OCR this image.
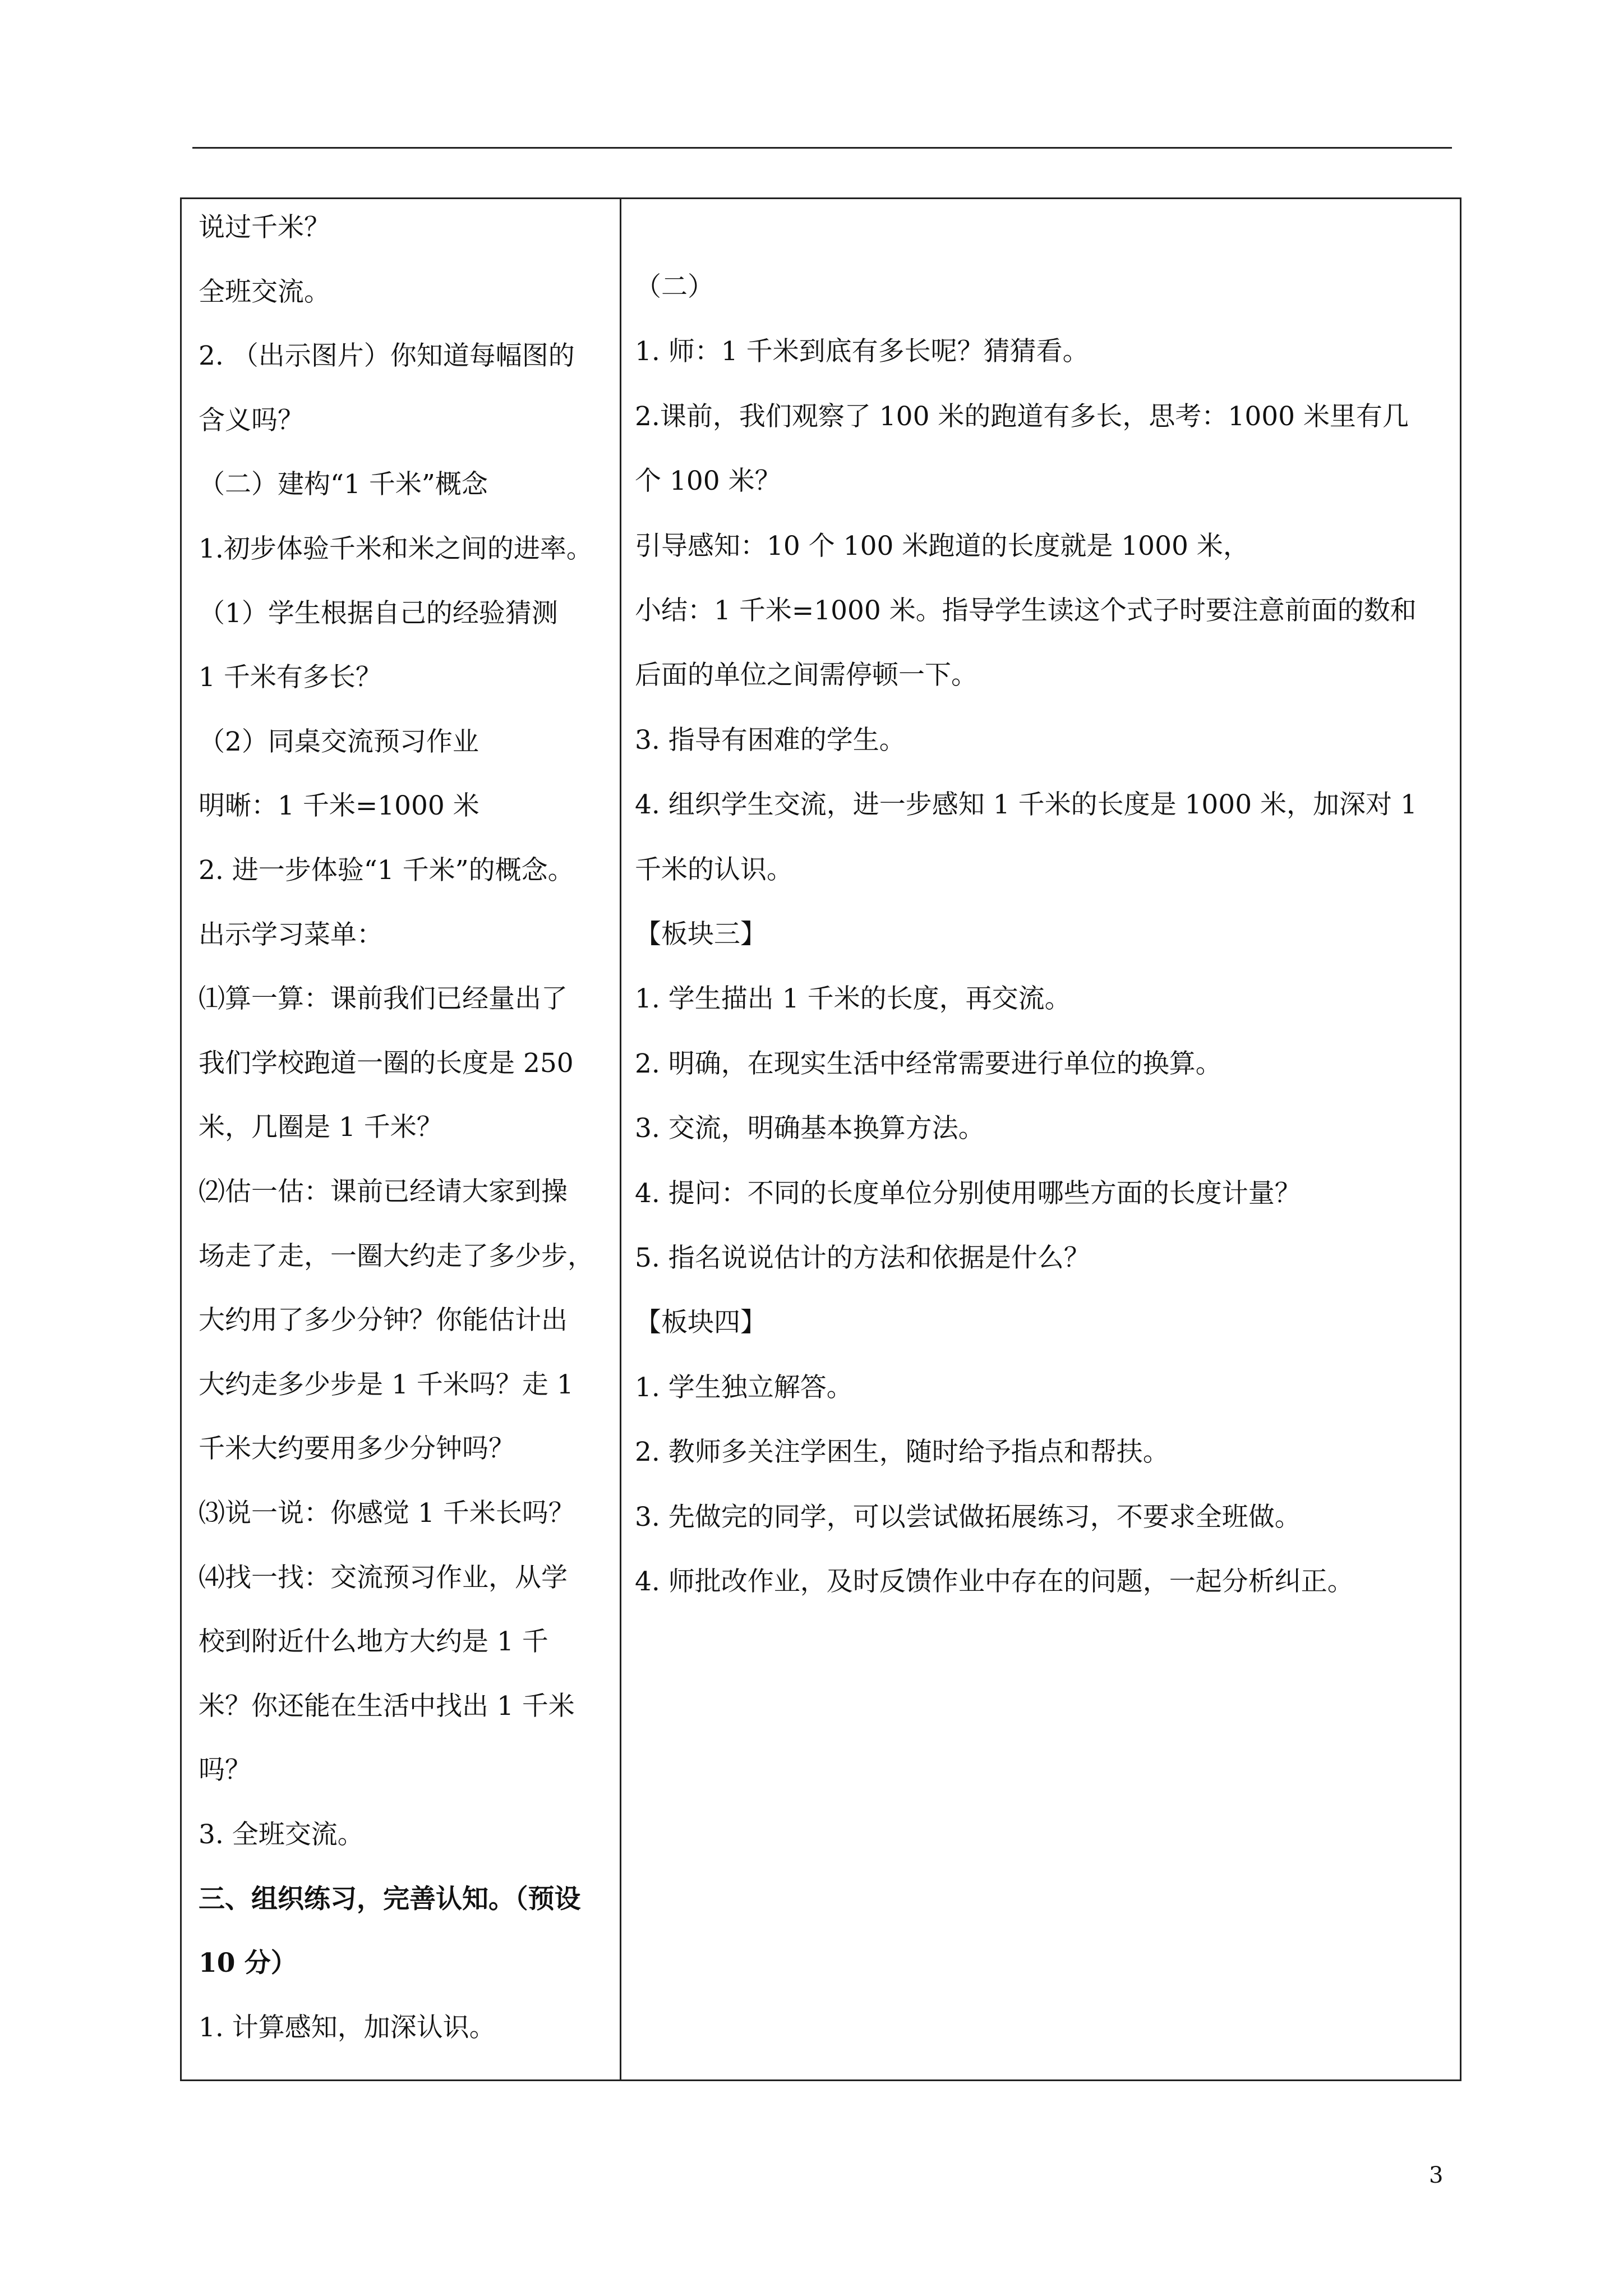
说过千米？
全班交流。
2. （出示图片）你知道每幅图的
含义吗？
（二）建构“1 千米”概念
1.初步体验千米和米之间的进率。
（1）学生根据自己的经验猜测
1 千米有多长？
（2）同桌交流预习作业
明晰：1 千米=1000 米
2. 进一步体验“1 千米”的概念。
出示学习菜单：
⑴算一算：课前我们已经量出了
我们学校跑道一圈的长度是 250
米，几圈是 1 千米？
⑵估一估：课前已经请大家到操
场走了走，一圈大约走了多少步，
大约用了多少分钟？你能估计出
大约走多少步是 1 千米吗？走 1
千米大约要用多少分钟吗？
⑶说一说：你感觉 1 千米长吗？
⑷找一找：交流预习作业，从学
校到附近什么地方大约是 1 千
米？你还能在生活中找出 1 千米
吗？
3. 全班交流。
三、组织练习，完善认知。（预设
10 分）
1. 计算感知，加深认识。
（二）
1. 师：1 千米到底有多长呢？猜猜看。
2.课前，我们观察了 100 米的跑道有多长，思考：1000 米里有几
个 100 米？
引导感知：10 个 100 米跑道的长度就是 1000 米，
小结：1 千米=1000 米。指导学生读这个式子时要注意前面的数和
后面的单位之间需停顿一下。
3. 指导有困难的学生。
4. 组织学生交流，进一步感知 1 千米的长度是 1000 米，加深对 1
千米的认识。
【板块三】
1. 学生描出 1 千米的长度，再交流。
2. 明确，在现实生活中经常需要进行单位的换算。
3. 交流，明确基本换算方法。
4. 提问：不同的长度单位分别使用哪些方面的长度计量？
5. 指名说说估计的方法和依据是什么？
【板块四】
1. 学生独立解答。
2. 教师多关注学困生，随时给予指点和帮扶。
3. 先做完的同学，可以尝试做拓展练习，不要求全班做。
4. 师批改作业，及时反馈作业中存在的问题，一起分析纠正。
3
